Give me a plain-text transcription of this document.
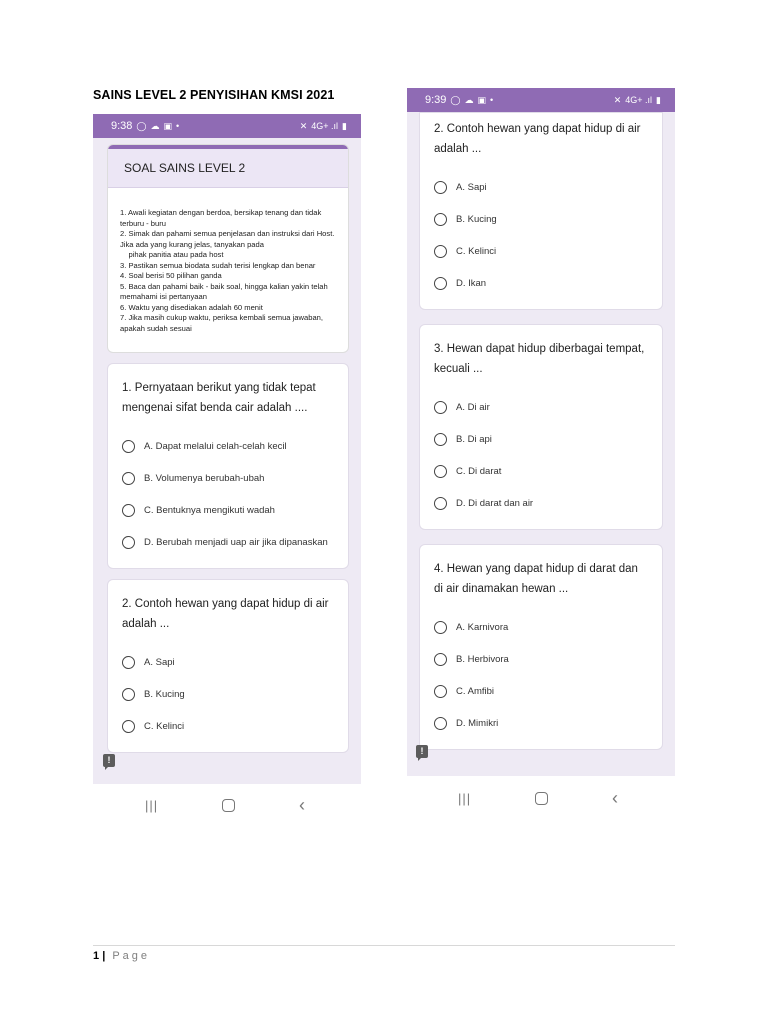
SAINS LEVEL 2 PENYISIHAN KMSI 2021
9:38 ◯ ☁ ▣ •	✕ 4G+ .ıl ▮
SOAL SAINS LEVEL 2
1. Awali kegiatan dengan berdoa, bersikap tenang dan tidak terburu - buru
2. Simak dan pahami semua penjelasan dan instruksi dari Host. Jika ada yang kurang jelas, tanyakan pada
pihak panitia atau pada host
3. Pastikan semua biodata sudah terisi lengkap dan benar
4. Soal berisi 50 pilihan ganda
5. Baca dan pahami baik - baik soal, hingga kalian yakin telah memahami isi pertanyaan
6. Waktu yang disediakan adalah 60 menit
7. Jika masih cukup waktu, periksa kembali semua jawaban, apakah sudah sesuai
1. Pernyataan berikut yang tidak tepat mengenai sifat benda cair adalah ....
A. Dapat melalui celah-celah kecil
B. Volumenya berubah-ubah
C. Bentuknya mengikuti wadah
D. Berubah menjadi uap air jika dipanaskan
2. Contoh hewan yang dapat hidup di air adalah ...
A. Sapi
B. Kucing
C. Kelinci
!
9:39 ◯ ☁ ▣ •	✕ 4G+ .ıl ▮
2. Contoh hewan yang dapat hidup di air adalah ...
A. Sapi
B. Kucing
C. Kelinci
D. Ikan
3. Hewan dapat hidup diberbagai tempat, kecuali ...
A. Di air
B. Di api
C. Di darat
D. Di darat dan air
4. Hewan yang dapat hidup di darat dan di air dinamakan hewan ...
A. Karnivora
B. Herbivora
C. Amfibi
D. Mimikri
!
|||	‹	|||	‹
1 | Page
